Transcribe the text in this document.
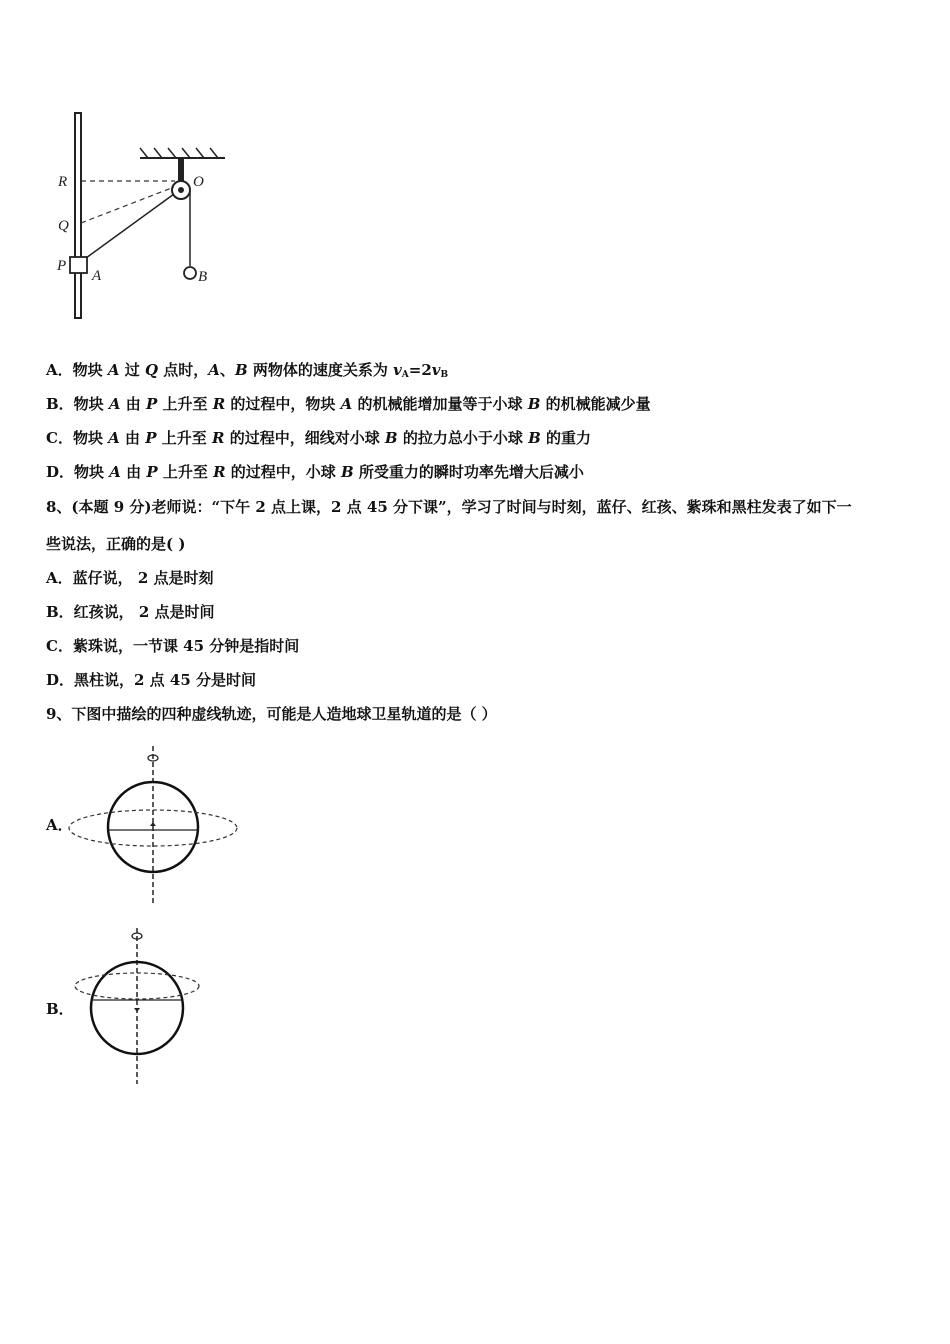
R
Q
P
A
O
B
A．物块 A 过 Q 点时，A、B 两物体的速度关系为 $v_A=2v_B$
B．物块 A 由 P 上升至 R 的过程中，物块 A 的机械能增加量等于小球 B 的机械能减少量
C．物块 A 由 P 上升至 R 的过程中，细线对小球 B 的拉力总小于小球 B 的重力
D．物块 A 由 P 上升至 R 的过程中，小球 B 所受重力的瞬时功率先增大后减小
8、(本题 9 分)老师说：“下午 2 点上课，2 点 45 分下课”，学习了时间与时刻，蓝仔、红孩、紫珠和黑柱发表了如下一
些说法，正确的是( )
A．蓝仔说， 2 点是时刻
B．红孩说， 2 点是时间
C．紫珠说，一节课 45 分钟是指时间
D．黑柱说，2 点 45 分是时间
9、下图中描绘的四种虚线轨迹，可能是人造地球卫星轨道的是（ ）
A．
B．
